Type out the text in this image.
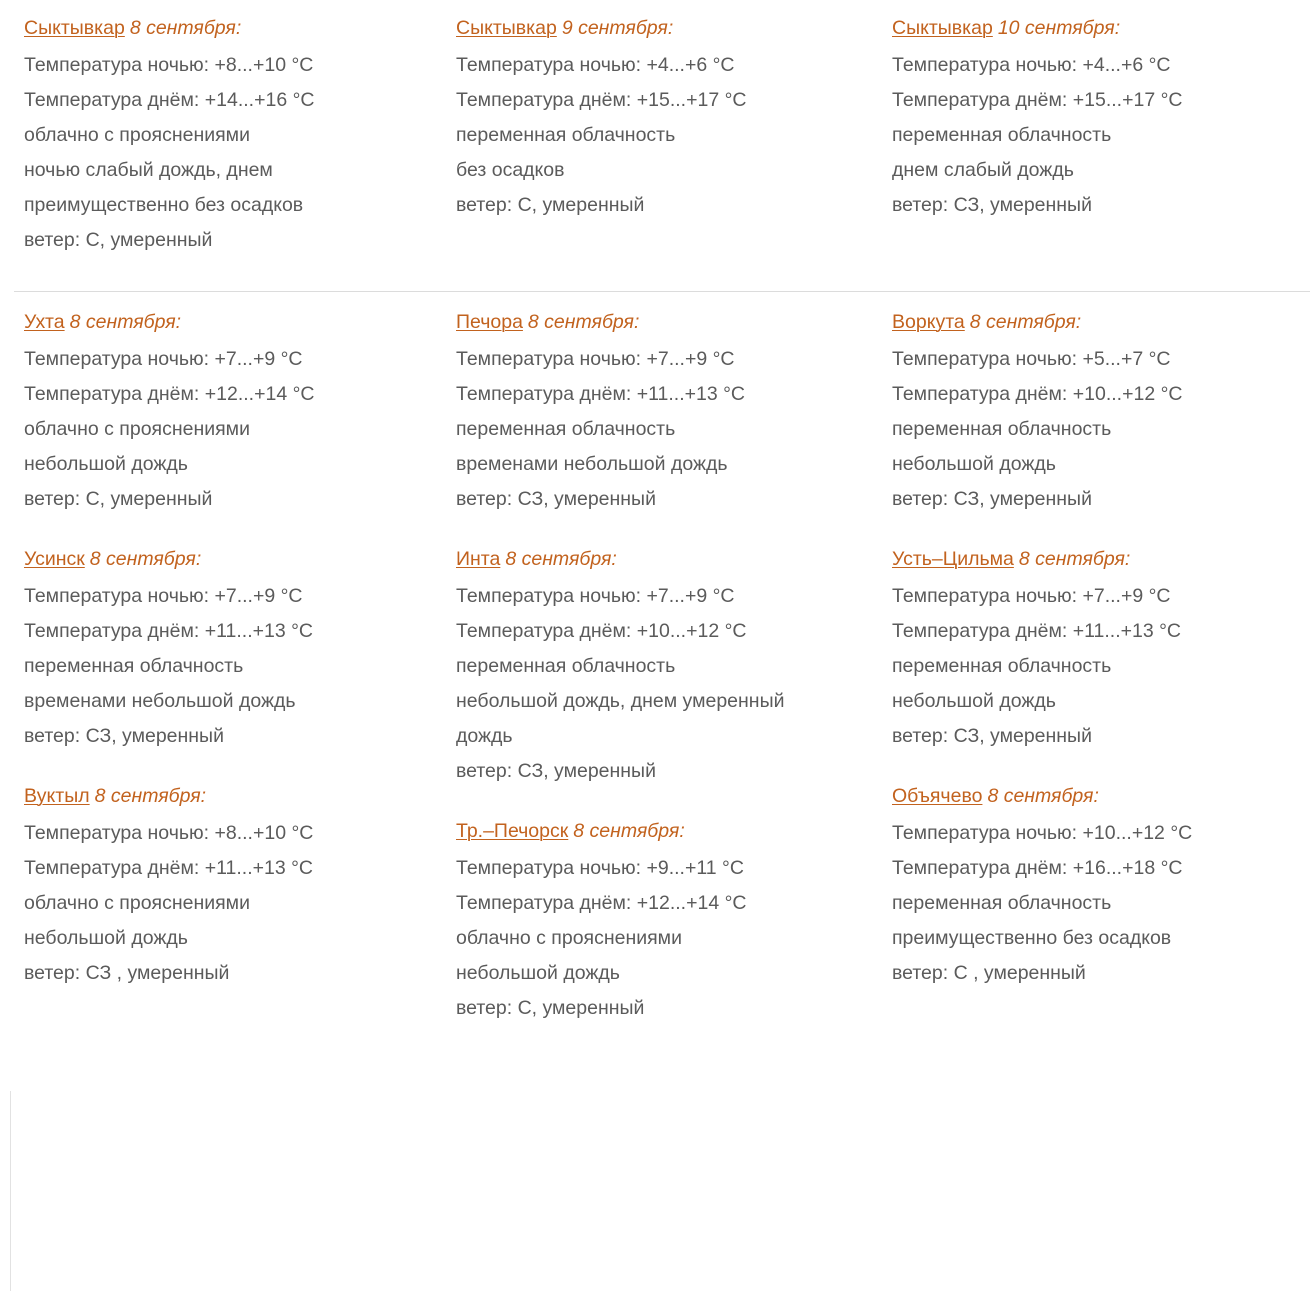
Сыктывкар 8 сентября:
Температура ночью: +8...+10 °C
Температура днём: +14...+16 °C
облачно с прояснениями
ночью слабый дождь, днем
преимущественно без осадков
ветер: С, умеренный
Сыктывкар 9 сентября:
Температура ночью: +4...+6 °C
Температура днём: +15...+17 °C
переменная облачность
без осадков
ветер: С, умеренный
Сыктывкар 10 сентября:
Температура ночью: +4...+6 °C
Температура днём: +15...+17 °C
переменная облачность
днем слабый дождь
ветер: СЗ, умеренный
Ухта 8 сентября:
Температура ночью: +7...+9 °C
Температура днём: +12...+14 °C
облачно с прояснениями
небольшой дождь
ветер: С, умеренный
Усинск 8 сентября:
Температура ночью: +7...+9 °C
Температура днём: +11...+13 °C
переменная облачность
временами небольшой дождь
ветер: СЗ, умеренный
Вуктыл 8 сентября:
Температура ночью: +8...+10 °C
Температура днём: +11...+13 °C
облачно с прояснениями
небольшой дождь
ветер: СЗ , умеренный
Печора 8 сентября:
Температура ночью: +7...+9 °C
Температура днём: +11...+13 °C
переменная облачность
временами небольшой дождь
ветер: СЗ, умеренный
Инта 8 сентября:
Температура ночью: +7...+9 °C
Температура днём: +10...+12 °C
переменная облачность
небольшой дождь, днем умеренный
дождь
ветер: СЗ, умеренный
Тр.–Печорск 8 сентября:
Температура ночью: +9...+11 °C
Температура днём: +12...+14 °C
облачно с прояснениями
небольшой дождь
ветер: С, умеренный
Воркута 8 сентября:
Температура ночью: +5...+7 °C
Температура днём: +10...+12 °C
переменная облачность
небольшой дождь
ветер: СЗ, умеренный
Усть–Цильма 8 сентября:
Температура ночью: +7...+9 °C
Температура днём: +11...+13 °C
переменная облачность
небольшой дождь
ветер: СЗ, умеренный
Объячево 8 сентября:
Температура ночью: +10...+12 °C
Температура днём: +16...+18 °C
переменная облачность
преимущественно без осадков
ветер: С , умеренный
